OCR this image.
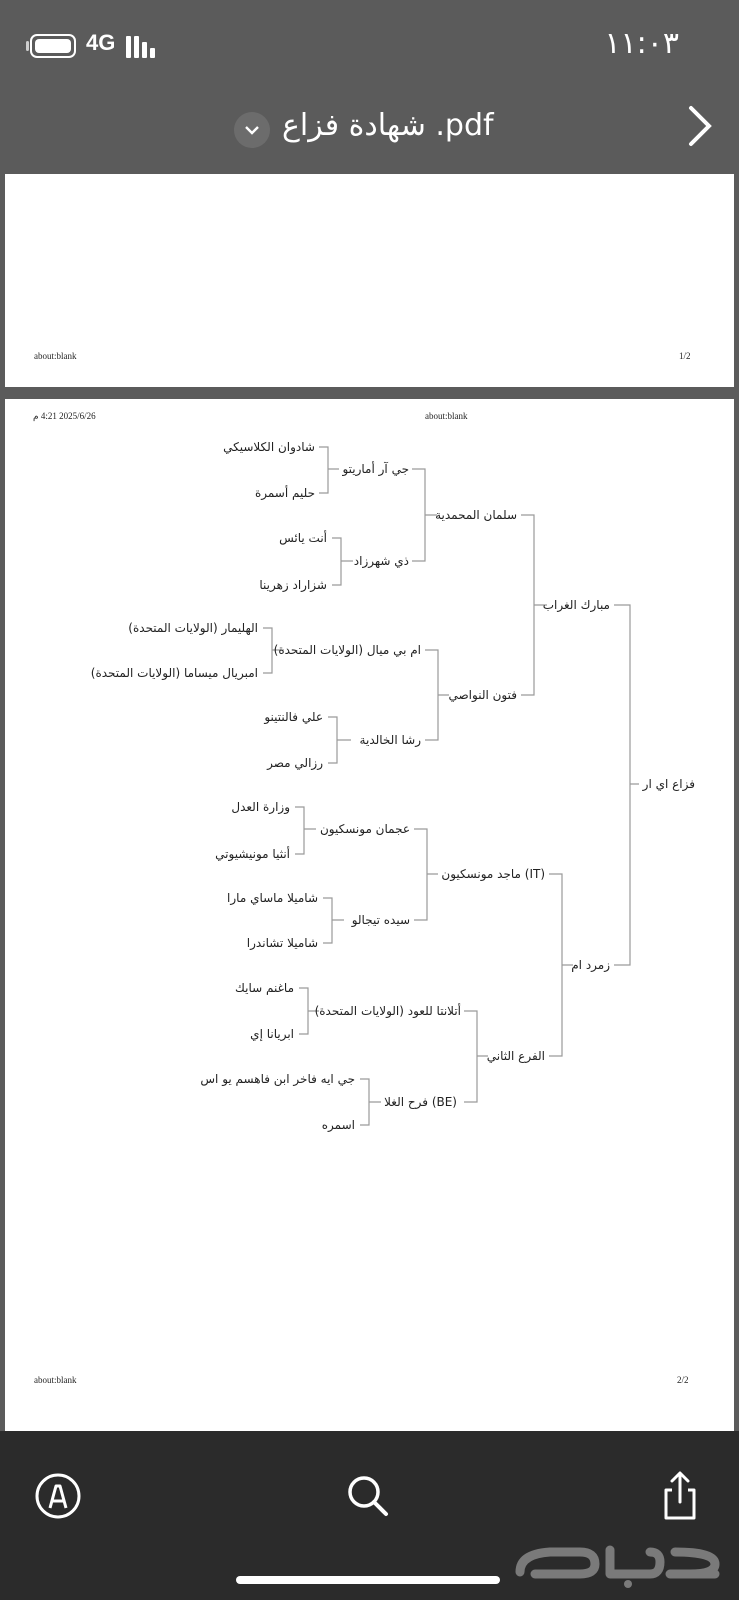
4G	١١:٠٣
شهادة فزاع .pdf
about:blank	1/2
2025/6/26 4:21 م	about:blank
شادوان الكلاسيكي
حليم أسمرة
أنت يائس
شزاراد زهرينا
الهليمار (الولايات المتحدة)
امبريال ميساما (الولايات المتحدة)
علي فالنتينو
رزالي مصر
وزارة العدل
أنثيا مونيشيوتي
شاميلا ماساي مارا
شاميلا تشاندرا
ماغنم سايك
ابريانا إي
جي ايه فاخر ابن فاهسم يو اس
اسمره
جي آر أماريتو
ذي شهرزاد
ام بي ميال (الولايات المتحدة)
رشا الخالدية
عجمان مونسكيون
سيده تيجالو
أتلانتا للعود (الولايات المتحدة)
فرح الغلا (BE)
سلمان المحمدية
فتون النواصي
ماجد مونسكيون (IT)
الفرع الثاني
مبارك الغراب
زمرد ام
فزاع اي ار
about:blank	2/2
